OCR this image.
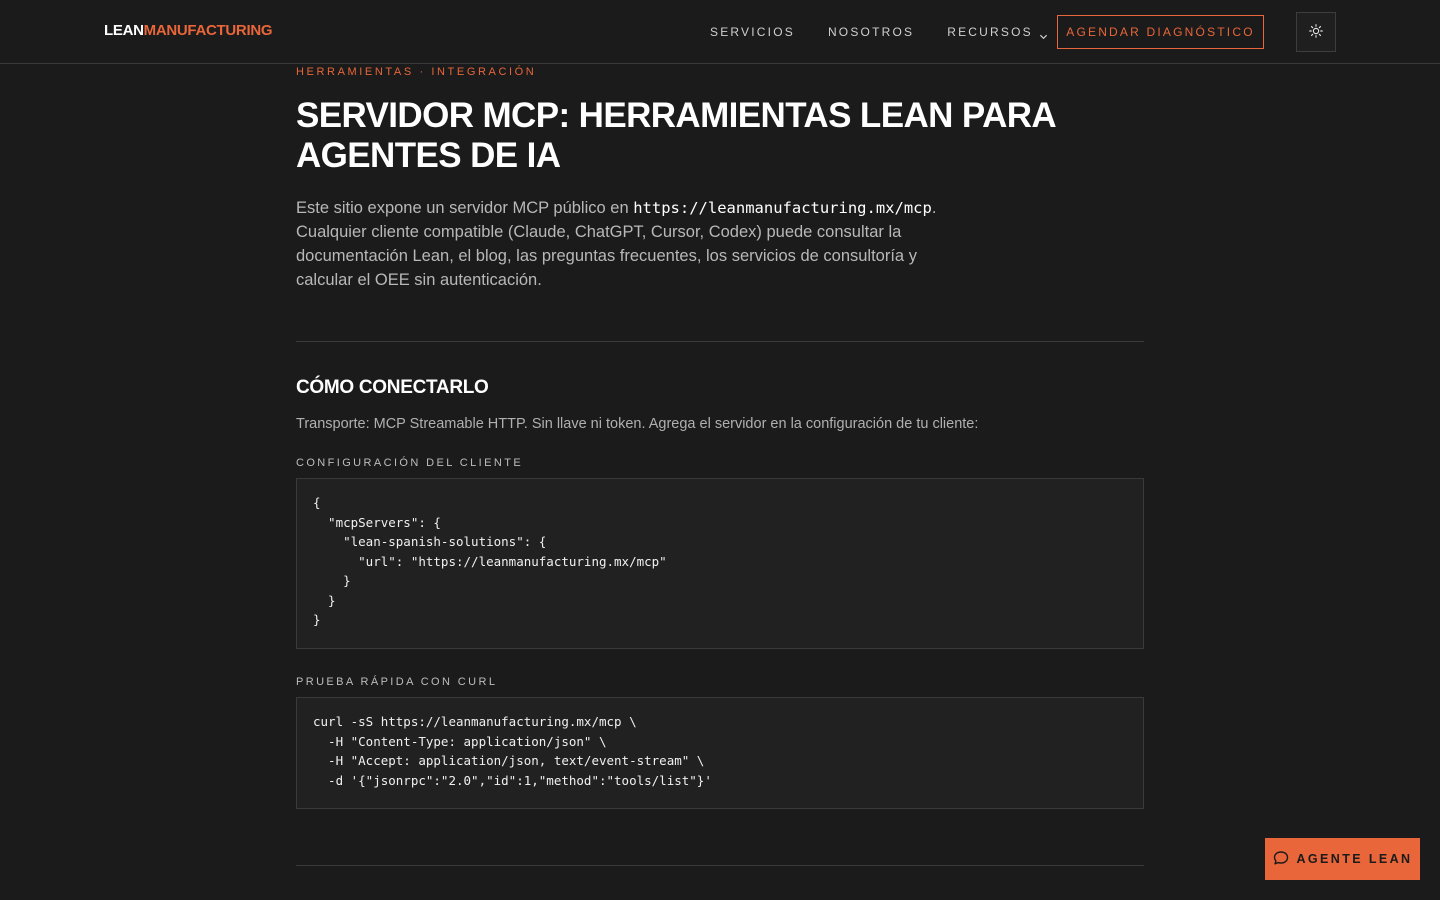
LEANMANUFACTURING	SERVICIOS	NOSOTROS	RECURSOS	AGENDAR DIAGNÓSTICO
HERRAMIENTAS · INTEGRACIÓN
SERVIDOR MCP: HERRAMIENTAS LEAN PARA AGENTES DE IA

Este sitio expone un servidor MCP público en https://leanmanufacturing.mx/mcp. Cualquier cliente compatible (Claude, ChatGPT, Cursor, Codex) puede consultar la documentación Lean, el blog, las preguntas frecuentes, los servicios de consultoría y calcular el OEE sin autenticación.

CÓMO CONECTARLO

Transporte: MCP Streamable HTTP. Sin llave ni token. Agrega el servidor en la configuración de tu cliente:

CONFIGURACIÓN DEL CLIENTE
{
"mcpServers": {
"lean-spanish-solutions": {
"url": "https://leanmanufacturing.mx/mcp"
}
}
}
PRUEBA RÁPIDA CON CURL
curl -sS https://leanmanufacturing.mx/mcp \
-H "Content-Type: application/json" \
-H "Accept: application/json, text/event-stream" \
-d '{"jsonrpc":"2.0","id":1,"method":"tools/list"}'
AGENTE LEAN
